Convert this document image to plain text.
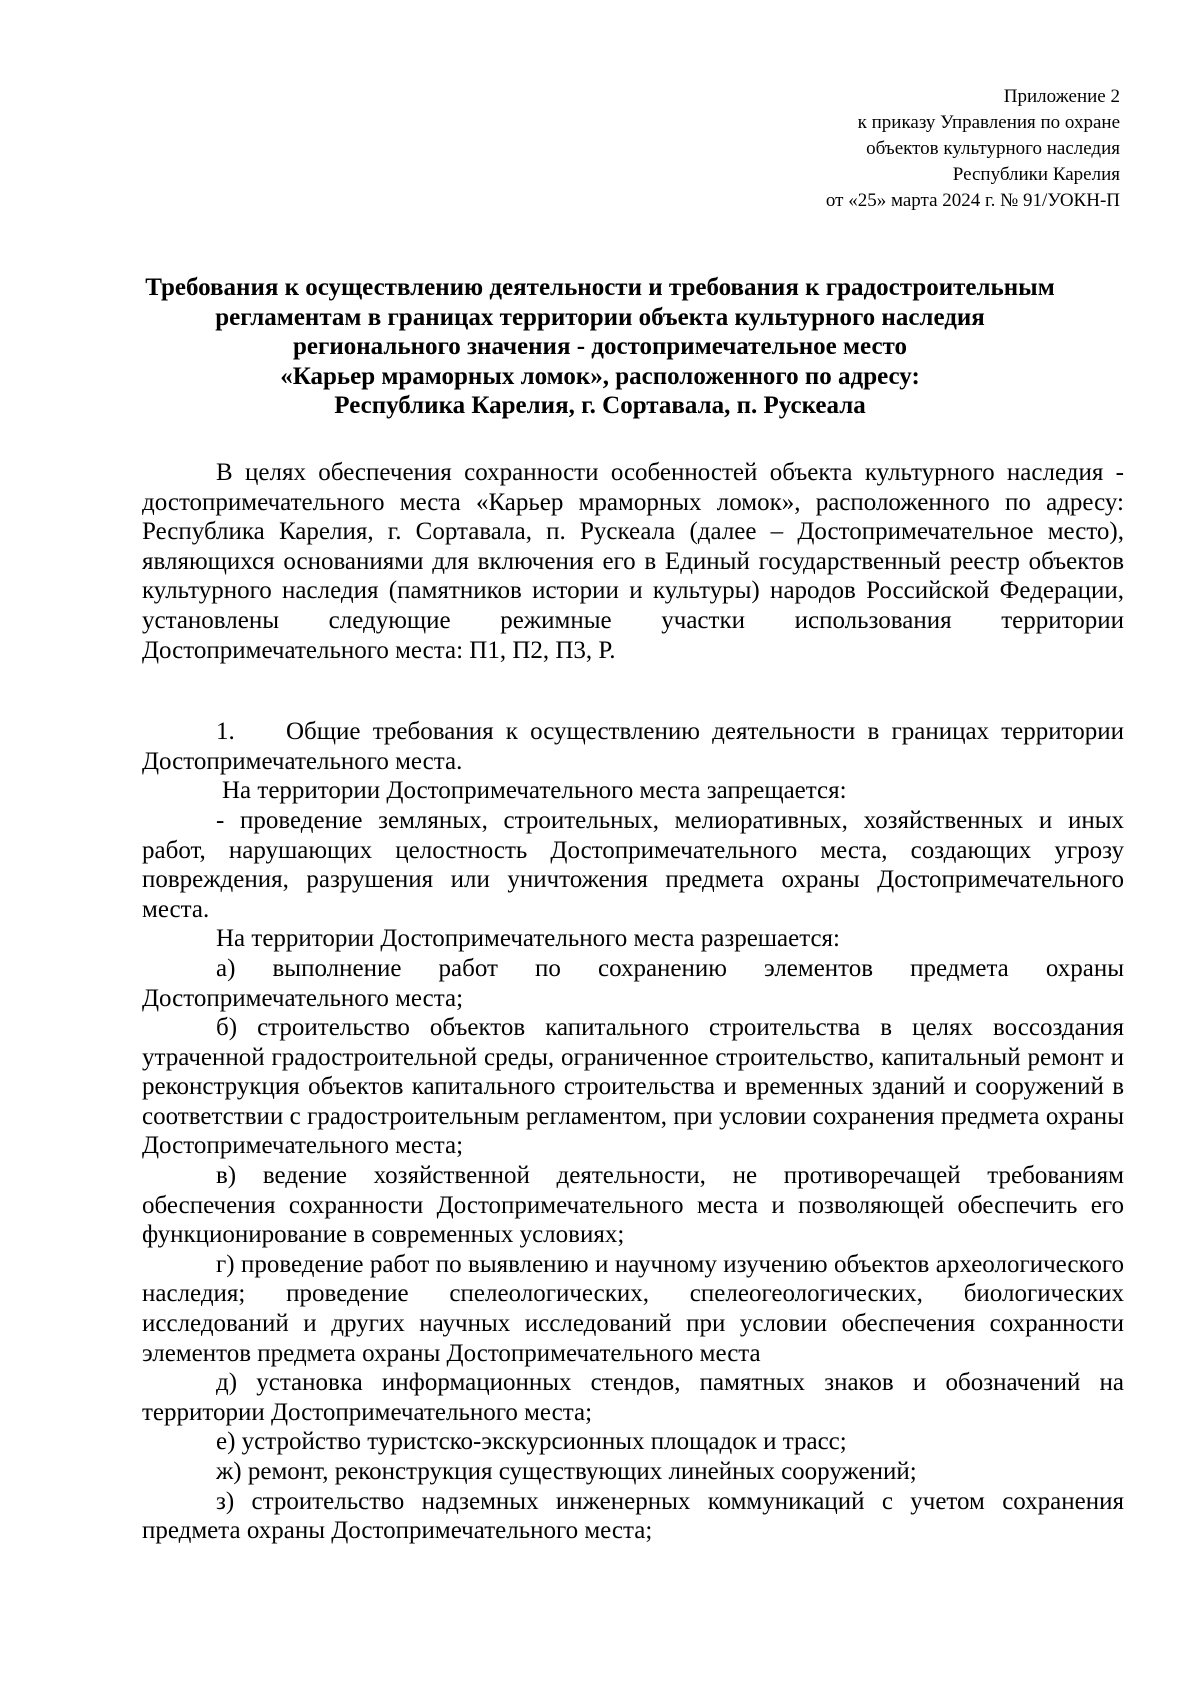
Приложение 2
к приказу Управления по охране
объектов культурного наследия
Республики Карелия
от «25» марта 2024 г. № 91/УОКН-П
Требования к осуществлению деятельности и требования к градостроительным
регламентам в границах территории объекта культурного наследия
регионального значения - достопримечательное место
«Карьер мраморных ломок», расположенного по адресу:
Республика Карелия, г. Сортавала, п. Рускеала

В целях обеспечения сохранности особенностей объекта культурного наследия - достопримечательного места «Карьер мраморных ломок», расположенного по адресу: Республика Карелия, г. Сортавала, п. Рускеала (далее – Достопримечательное место), являющихся основаниями для включения его в Единый государственный реестр объектов культурного наследия (памятников истории и культуры) народов Российской Федерации, установлены следующие режимные участки использования территории Достопримечательного места: П1, П2, П3, Р.

1. Общие требования к осуществлению деятельности в границах территории Достопримечательного места.

На территории Достопримечательного места запрещается:

- проведение земляных, строительных, мелиоративных, хозяйственных и иных работ, нарушающих целостность Достопримечательного места, создающих угрозу повреждения, разрушения или уничтожения предмета охраны Достопримечательного места.

На территории Достопримечательного места разрешается:

а) выполнение работ по сохранению элементов предмета охраны Достопримечательного места;

б) строительство объектов капитального строительства в целях воссоздания утраченной градостроительной среды, ограниченное строительство, капитальный ремонт и реконструкция объектов капитального строительства и временных зданий и сооружений в соответствии с градостроительным регламентом, при условии сохранения предмета охраны Достопримечательного места;

в) ведение хозяйственной деятельности, не противоречащей требованиям обеспечения сохранности Достопримечательного места и позволяющей обеспечить его функционирование в современных условиях;

г) проведение работ по выявлению и научному изучению объектов археологического наследия; проведение спелеологических, спелеогеологических, биологических исследований и других научных исследований при условии обеспечения сохранности элементов предмета охраны Достопримечательного места

д) установка информационных стендов, памятных знаков и обозначений на территории Достопримечательного места;

е) устройство туристско-экскурсионных площадок и трасс;

ж) ремонт, реконструкция существующих линейных сооружений;

з) строительство надземных инженерных коммуникаций с учетом сохранения предмета охраны Достопримечательного места;
